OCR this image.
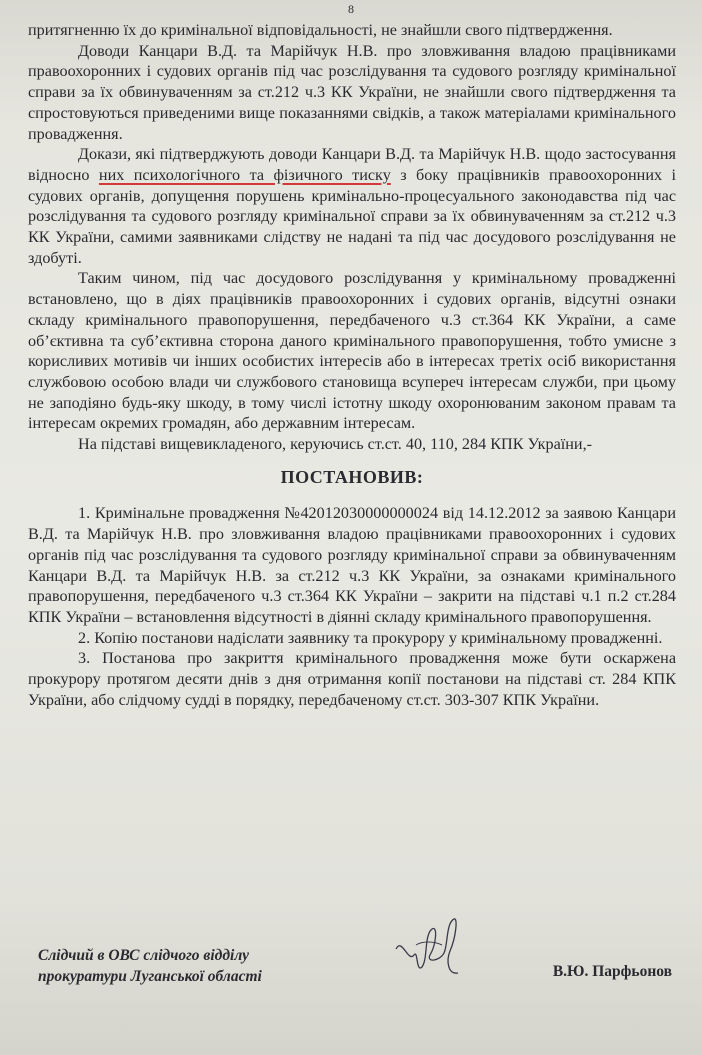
8

притягненню їх до кримінальної відповідальності, не знайшли свого підтвердження.

Доводи Канцари В.Д. та Марійчук Н.В. про зловживання владою працівниками правоохоронних і судових органів під час розслідування та судового розгляду кримінальної справи за їх обвинуваченням за ст.212 ч.3 КК України, не знайшли свого підтвердження та спростовуються приведеними вище показаннями свідків, а також матеріалами кримінального провадження.

Докази, які підтверджують доводи Канцари В.Д. та Марійчук Н.В. щодо застосування відносно них психологічного та фізичного тиску з боку працівників правоохоронних і судових органів, допущення порушень кримінально-процесуального законодавства під час розслідування та судового розгляду кримінальної справи за їх обвинуваченням за ст.212 ч.3 КК України, самими заявниками слідству не надані та під час досудового розслідування не здобуті.

Таким чином, під час досудового розслідування у кримінальному провадженні встановлено, що в діях працівників правоохоронних і судових органів, відсутні ознаки складу кримінального правопорушення, передбаченого ч.3 ст.364 КК України, а саме об’єктивна та суб’єктивна сторона даного кримінального правопорушення, тобто умисне з корисливих мотивів чи інших особистих інтересів або в інтересах третіх осіб використання службовою особою влади чи службового становища всупереч інтересам служби, при цьому не заподіяно будь-яку шкоду, в тому числі істотну шкоду охоронюваним законом правам та інтересам окремих громадян, або державним інтересам.

На підставі вищевикладеного, керуючись ст.ст. 40, 110, 284 КПК України,-

ПОСТАНОВИВ:

1. Кримінальне провадження №42012030000000024 від 14.12.2012 за заявою Канцари В.Д. та Марійчук Н.В. про зловживання владою працівниками правоохоронних і судових органів під час розслідування та судового розгляду кримінальної справи за обвинуваченням Канцари В.Д. та Марійчук Н.В. за ст.212 ч.3 КК України, за ознаками кримінального правопорушення, передбаченого ч.3 ст.364 КК України – закрити на підставі ч.1 п.2 ст.284 КПК України – встановлення відсутності в діянні складу кримінального правопорушення.

2. Копію постанови надіслати заявнику та прокурору у кримінальному провадженні.

3. Постанова про закриття кримінального провадження може бути оскаржена прокурору протягом десяти днів з дня отримання копії постанови на підставі ст. 284 КПК України, або слідчому судді в порядку, передбаченому ст.ст. 303-307 КПК України.

Слідчий в ОВС слідчого відділу
прокуратури Луганської області	В.Ю. Парфьонов
